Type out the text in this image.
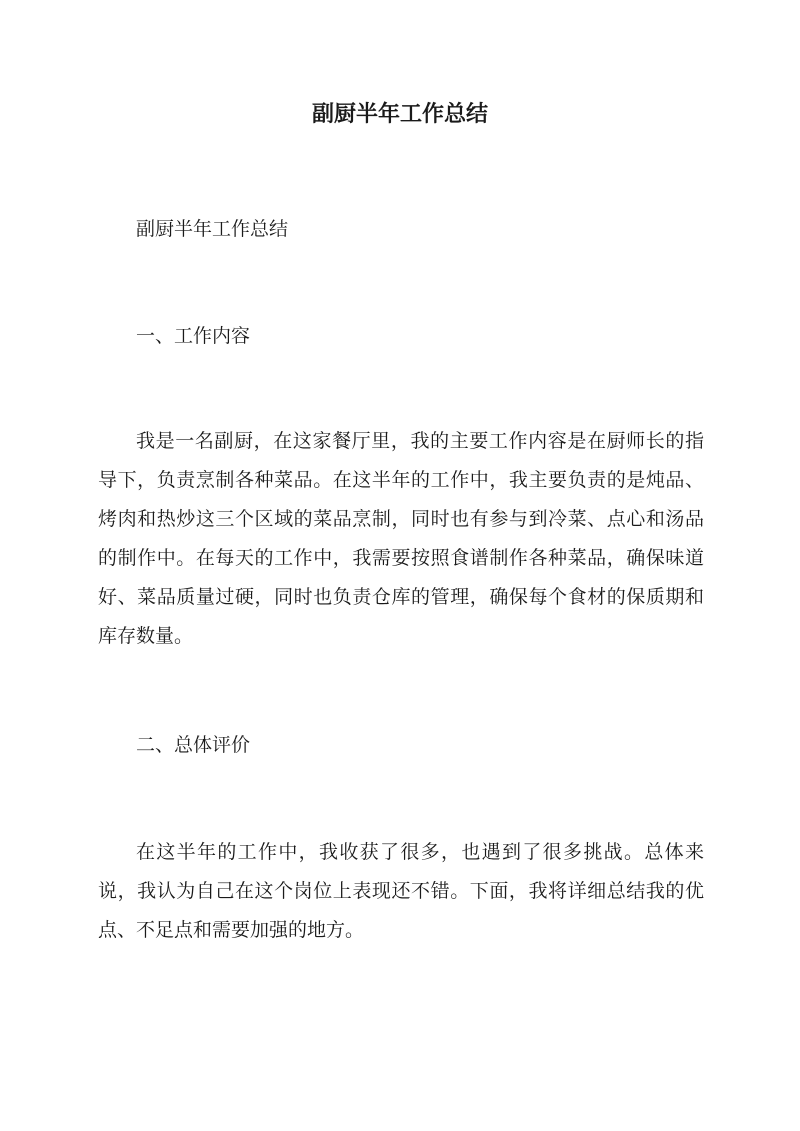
副厨半年工作总结

副厨半年工作总结

一、工作内容

我是一名副厨，在这家餐厅里，我的主要工作内容是在厨师长的指导下，负责烹制各种菜品。在这半年的工作中，我主要负责的是炖品、烤肉和热炒这三个区域的菜品烹制，同时也有参与到冷菜、点心和汤品的制作中。在每天的工作中，我需要按照食谱制作各种菜品，确保味道好、菜品质量过硬，同时也负责仓库的管理，确保每个食材的保质期和库存数量。

二、总体评价

在这半年的工作中，我收获了很多，也遇到了很多挑战。总体来说，我认为自己在这个岗位上表现还不错。下面，我将详细总结我的优点、不足点和需要加强的地方。
